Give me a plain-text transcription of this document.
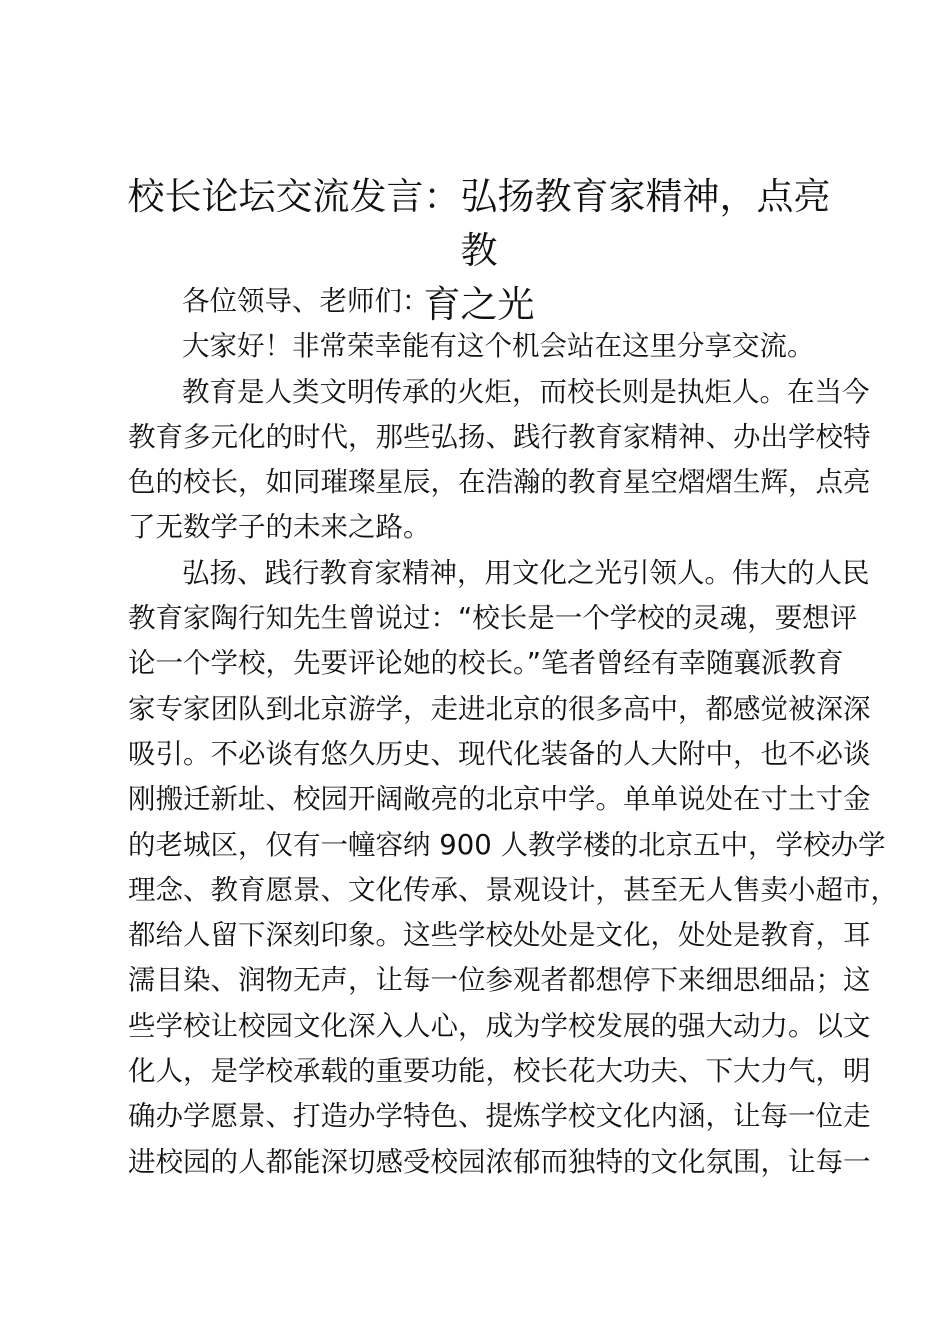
校长论坛交流发言：弘扬教育家精神，点亮教
育之光
各位领导、老师们：
大家好！非常荣幸能有这个机会站在这里分享交流。
教育是人类文明传承的火炬，而校长则是执炬人。在当今
教育多元化的时代，那些弘扬、践行教育家精神、办出学校特
色的校长，如同璀璨星辰，在浩瀚的教育星空熠熠生辉，点亮
了无数学子的未来之路。
弘扬、践行教育家精神，用文化之光引领人。伟大的人民
教育家陶行知先生曾说过：“校长是一个学校的灵魂，要想评
论一个学校，先要评论她的校长。”笔者曾经有幸随襄派教育
家专家团队到北京游学，走进北京的很多高中，都感觉被深深
吸引。不必谈有悠久历史、现代化装备的人大附中，也不必谈
刚搬迁新址、校园开阔敞亮的北京中学。单单说处在寸土寸金
的老城区，仅有一幢容纳 900 人教学楼的北京五中，学校办学
理念、教育愿景、文化传承、景观设计，甚至无人售卖小超市，
都给人留下深刻印象。这些学校处处是文化，处处是教育，耳
濡目染、润物无声，让每一位参观者都想停下来细思细品；这
些学校让校园文化深入人心，成为学校发展的强大动力。以文
化人，是学校承载的重要功能，校长花大功夫、下大力气，明
确办学愿景、打造办学特色、提炼学校文化内涵，让每一位走
进校园的人都能深切感受校园浓郁而独特的文化氛围，让每一
